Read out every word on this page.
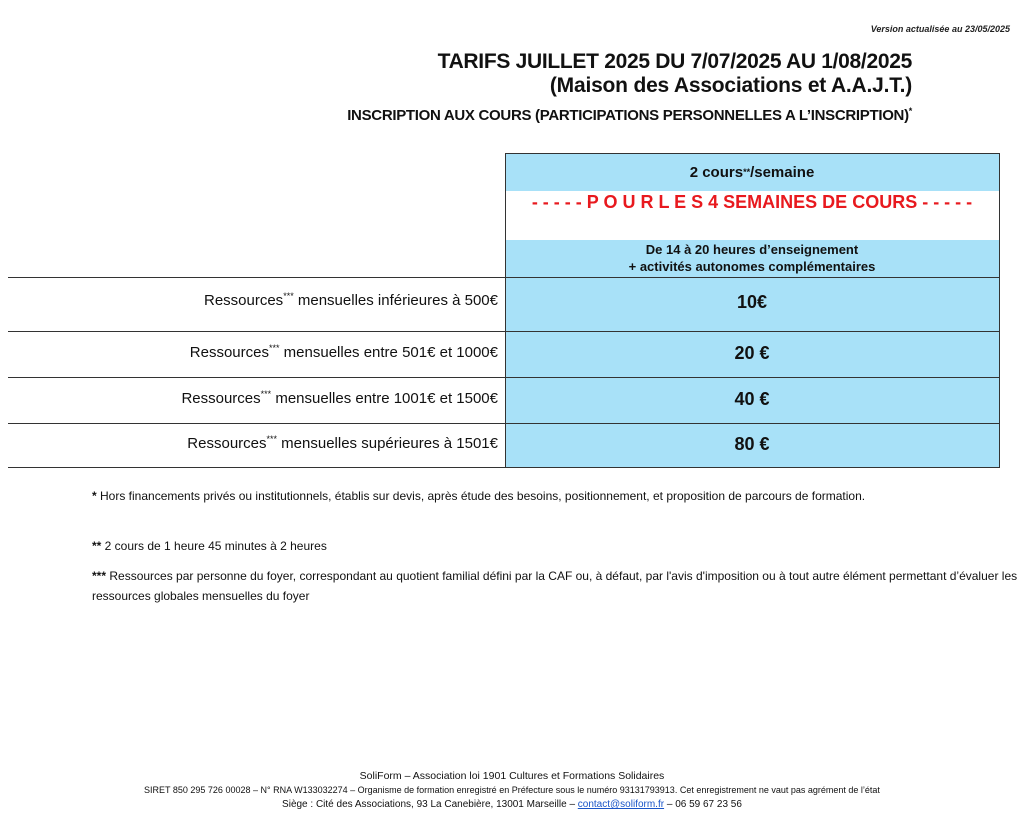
Version actualisée au 23/05/2025
TARIFS JUILLET 2025 DU 7/07/2025 AU 1/08/2025
(Maison des Associations et A.A.J.T.)
INSCRIPTION AUX COURS (PARTICIPATIONS PERSONNELLES A L’INSCRIPTION)*
2 cours ** /semaine
- - - - - P O U R L E S 4 SEMAINES DE COURS - - - - -
De 14 à 20 heures d’enseignement
+ activités autonomes complémentaires
Ressources*** mensuelles inférieures à 500€	10€
Ressources*** mensuelles entre 501€ et 1000€	20 €
Ressources*** mensuelles entre 1001€ et 1500€	40 €
Ressources*** mensuelles supérieures à 1501€	80 €
* Hors financements privés ou institutionnels, établis sur devis, après étude des besoins, positionnement, et proposition de parcours de formation.
** 2 cours de 1 heure 45 minutes à 2 heures
*** Ressources par personne du foyer, correspondant au quotient familial défini par la CAF ou, à défaut, par l'avis d'imposition ou à tout autre élément permettant d’évaluer les ressources globales mensuelles du foyer
SoliForm – Association loi 1901 Cultures et Formations Solidaires
SIRET 850 295 726 00028 – N° RNA W133032274 – Organisme de formation enregistré en Préfecture sous le numéro 93131793913. Cet enregistrement ne vaut pas agrément de l’état
Siège : Cité des Associations, 93 La Canebière, 13001 Marseille – contact@soliform.fr – 06 59 67 23 56
